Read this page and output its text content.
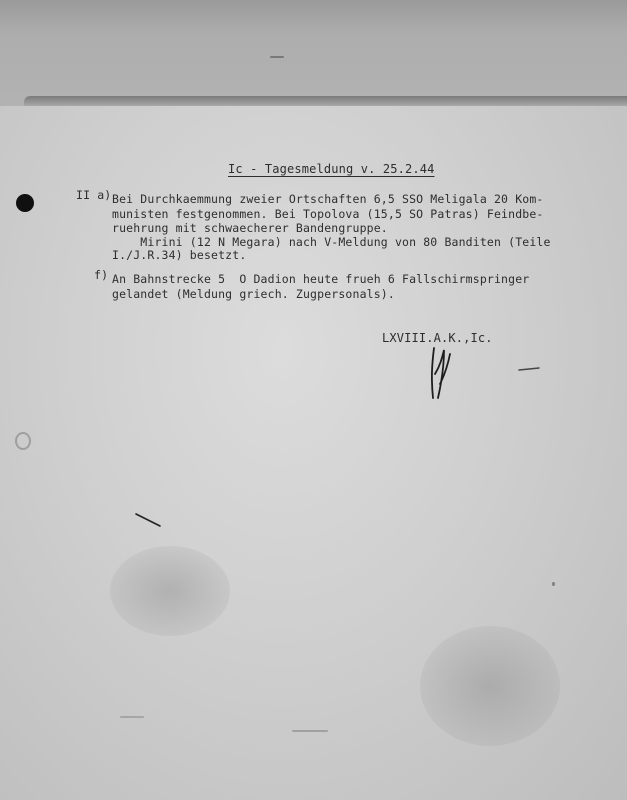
Ic - Tagesmeldung v. 25.2.44
II a) Bei Durchkaemmung zweier Ortschaften 6,5 SSO Meligala 20 Kom-
munisten festgenommen. Bei Topolova (15,5 SO Patras) Feindbe-
ruehrung mit schwaecherer Bandengruppe.
Mirini (12 N Megara) nach V-Meldung von 80 Banditen (Teile
I./J.R.34) besetzt.
f) An Bahnstrecke 5  O Dadion heute frueh 6 Fallschirmspringer
gelandet (Meldung griech. Zugpersonals).
LXVIII.A.K.,Ic.
